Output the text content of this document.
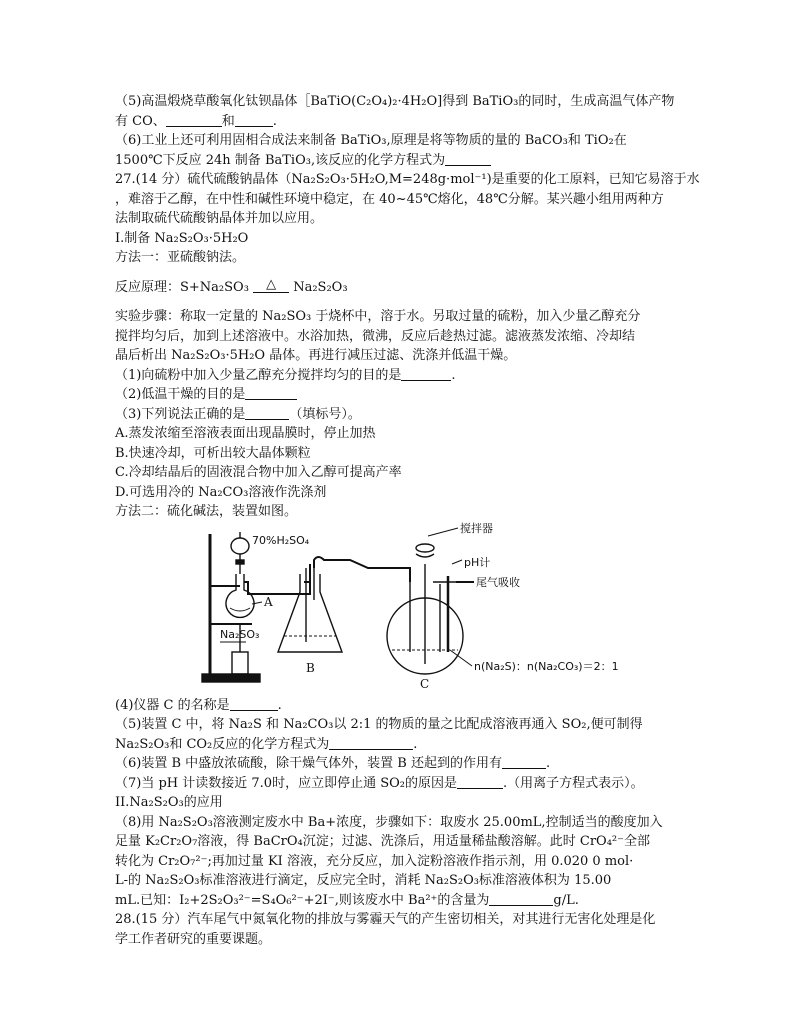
（5)高温煅烧草酸氧化钛钡晶体［BaTiO(C₂O₄)₂·4H₂O]得到 BaTiO₃的同时，生成高温气体产物
有 CO、	和	.
（6)工业上还可利用固相合成法来制备 BaTiO₃,原理是将等物质的量的 BaCO₃和 TiO₂在
1500℃下反应 24h 制备 BaTiO₃,该反应的化学方程式为
27.(14 分）硫代硫酸钠晶体（Na₂S₂O₃·5H₂O,M=248g·mol⁻¹)是重要的化工原料，已知它易溶于水
，难溶于乙醇，在中性和碱性环境中稳定，在 40~45℃熔化，48℃分解。某兴趣小组用两种方
法制取硫代硫酸钠晶体并加以应用。
I.制备 Na₂S₂O₃·5H₂O
方法一：亚硫酸钠法。
反应原理：S+Na₂SO₃ △ Na₂S₂O₃
实验步骤：称取一定量的 Na₂SO₃ 于烧杯中，溶于水。另取过量的硫粉，加入少量乙醇充分
搅拌均匀后，加到上述溶液中。水浴加热，微沸，反应后趁热过滤。滤液蒸发浓缩、冷却结
晶后析出 Na₂S₂O₃·5H₂O 晶体。再进行减压过滤、洗涤并低温干燥。
（1)向硫粉中加入少量乙醇充分搅拌均匀的目的是	.
（2)低温干燥的目的是
（3)下列说法正确的是	（填标号）。
A.蒸发浓缩至溶液表面出现晶膜时，停止加热
B.快速冷却，可析出较大晶体颗粒
C.冷却结晶后的固液混合物中加入乙醇可提高产率
D.可选用冷的 Na₂CO₃溶液作洗涤剂
方法二：硫化碱法，装置如图。
70%H₂SO₄
搅拌器
pH计
尾气吸收
A
Na₂SO₃
B
C
n(Na₂S)：n(Na₂CO₃)＝2：1
(4)仪器 C 的名称是	.
（5)装置 C 中，将 Na₂S 和 Na₂CO₃以 2:1 的物质的量之比配成溶液再通入 SO₂,便可制得
Na₂S₂O₃和 CO₂反应的化学方程式为	.
（6)装置 B 中盛放浓硫酸，除干燥气体外，装置 B 还起到的作用有	.
（7)当 pH 计读数接近 7.0时，应立即停止通 SO₂的原因是	.（用离子方程式表示）。
II.Na₂S₂O₃的应用
（8)用 Na₂S₂O₃溶液测定废水中 Ba+浓度，步骤如下：取废水 25.00mL,控制适当的酸度加入
足量 K₂Cr₂O₇溶液，得 BaCrO₄沉淀；过滤、洗涤后，用适量稀盐酸溶解。此时 CrO₄²⁻全部
转化为 Cr₂O₇²⁻;再加过量 KI 溶液，充分反应，加入淀粉溶液作指示剂，用 0.020 0 mol·
L-的 Na₂S₂O₃标准溶液进行滴定，反应完全时，消耗 Na₂S₂O₃标准溶液体积为 15.00
mL.已知：I₂+2S₂O₃²⁻=S₄O₆²⁻+2I⁻,则该废水中 Ba²⁺的含量为	g/L.
28.(15 分）汽车尾气中氮氧化物的排放与雾霾天气的产生密切相关，对其进行无害化处理是化
学工作者研究的重要课题。
